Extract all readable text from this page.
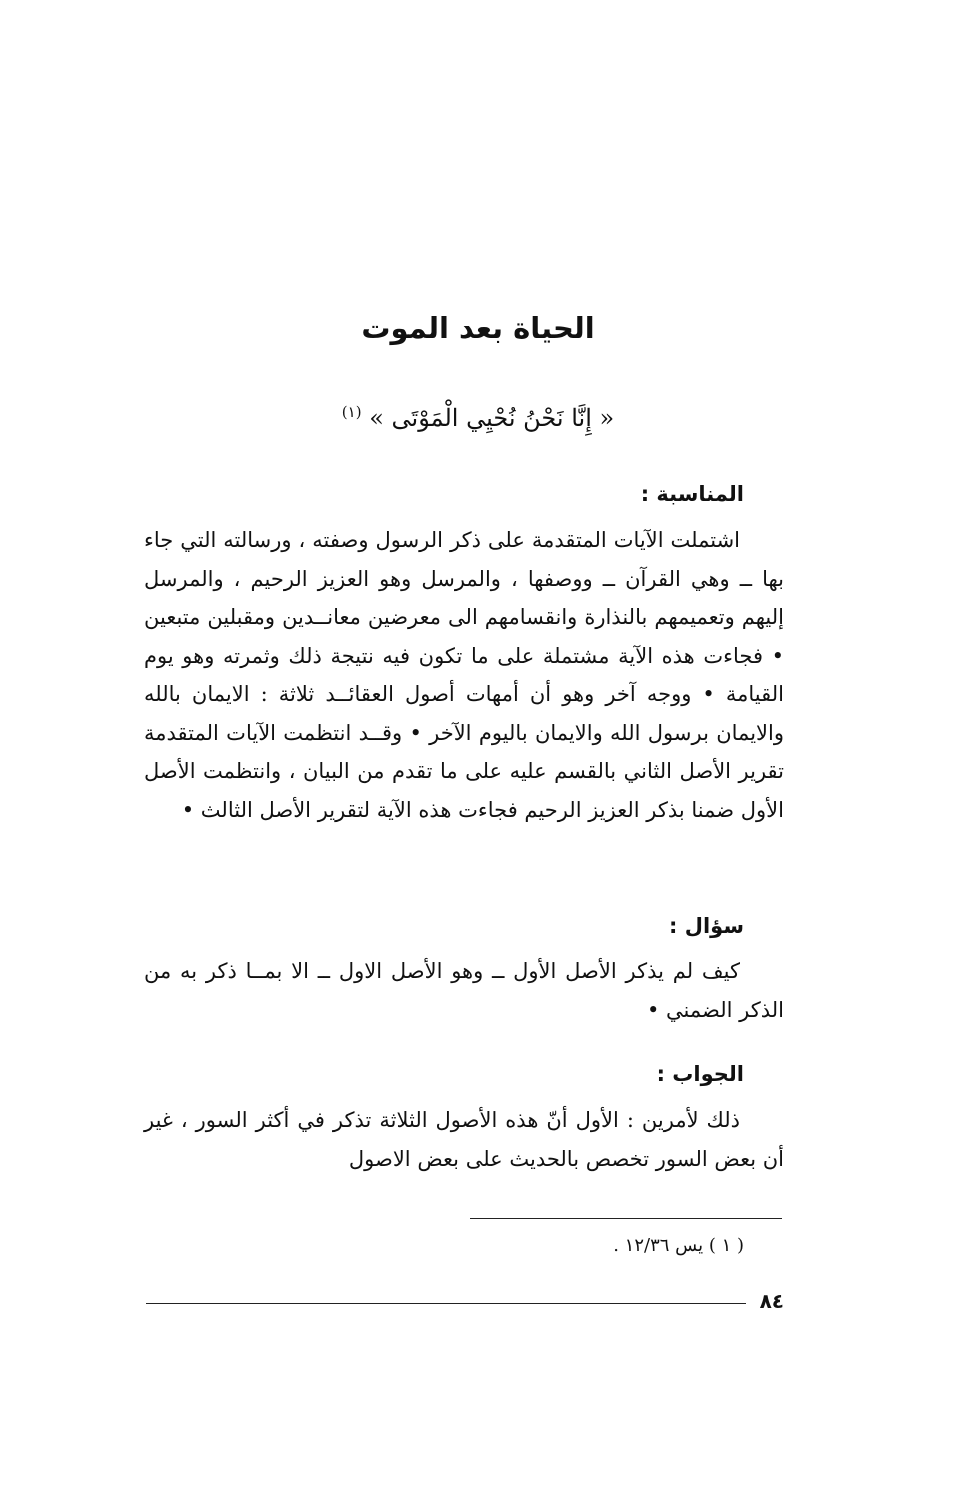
الحياة بعد الموت
« إِنَّا نَحْنُ نُحْيِي الْمَوْتَى » $^{(١)}$
المناسبة :

اشتملت الآيات المتقدمة على ذكر الرسول وصفته ، ورسالته التي جاء بها ــ وهي القرآن ــ ووصفها ، والمرسل وهو العزيز الرحيم ، والمرسل إليهم وتعميمهم بالنذارة وانقسامهم الى معرضين معانــدين ومقبلين متبعين • فجاءت هذه الآية مشتملة على ما تكون فيه نتيجة ذلك وثمرته وهو يوم القيامة • ووجه آخر وهو أن أمهات أصول العقائــد ثلاثة : الايمان بالله والايمان برسول الله والايمان باليوم الآخر • وقــد انتظمت الآيات المتقدمة تقرير الأصل الثاني بالقسم عليه على ما تقدم من البيان ، وانتظمت الأصل الأول ضمنا بذكر العزيز الرحيم فجاءت هذه الآية لتقرير الأصل الثالث •

سؤال :

كيف لم يذكر الأصل الأول ــ وهو الأصل الاول ــ الا بمــا ذكر به من الذكر الضمني •

الجواب :

ذلك لأمرين : الأول أنّ هذه الأصول الثلاثة تذكر في أكثر السور ، غير أن بعض السور تخصص بالحديث على بعض الاصول

( ١ ) يس ١٢/٣٦ .

٨٤
